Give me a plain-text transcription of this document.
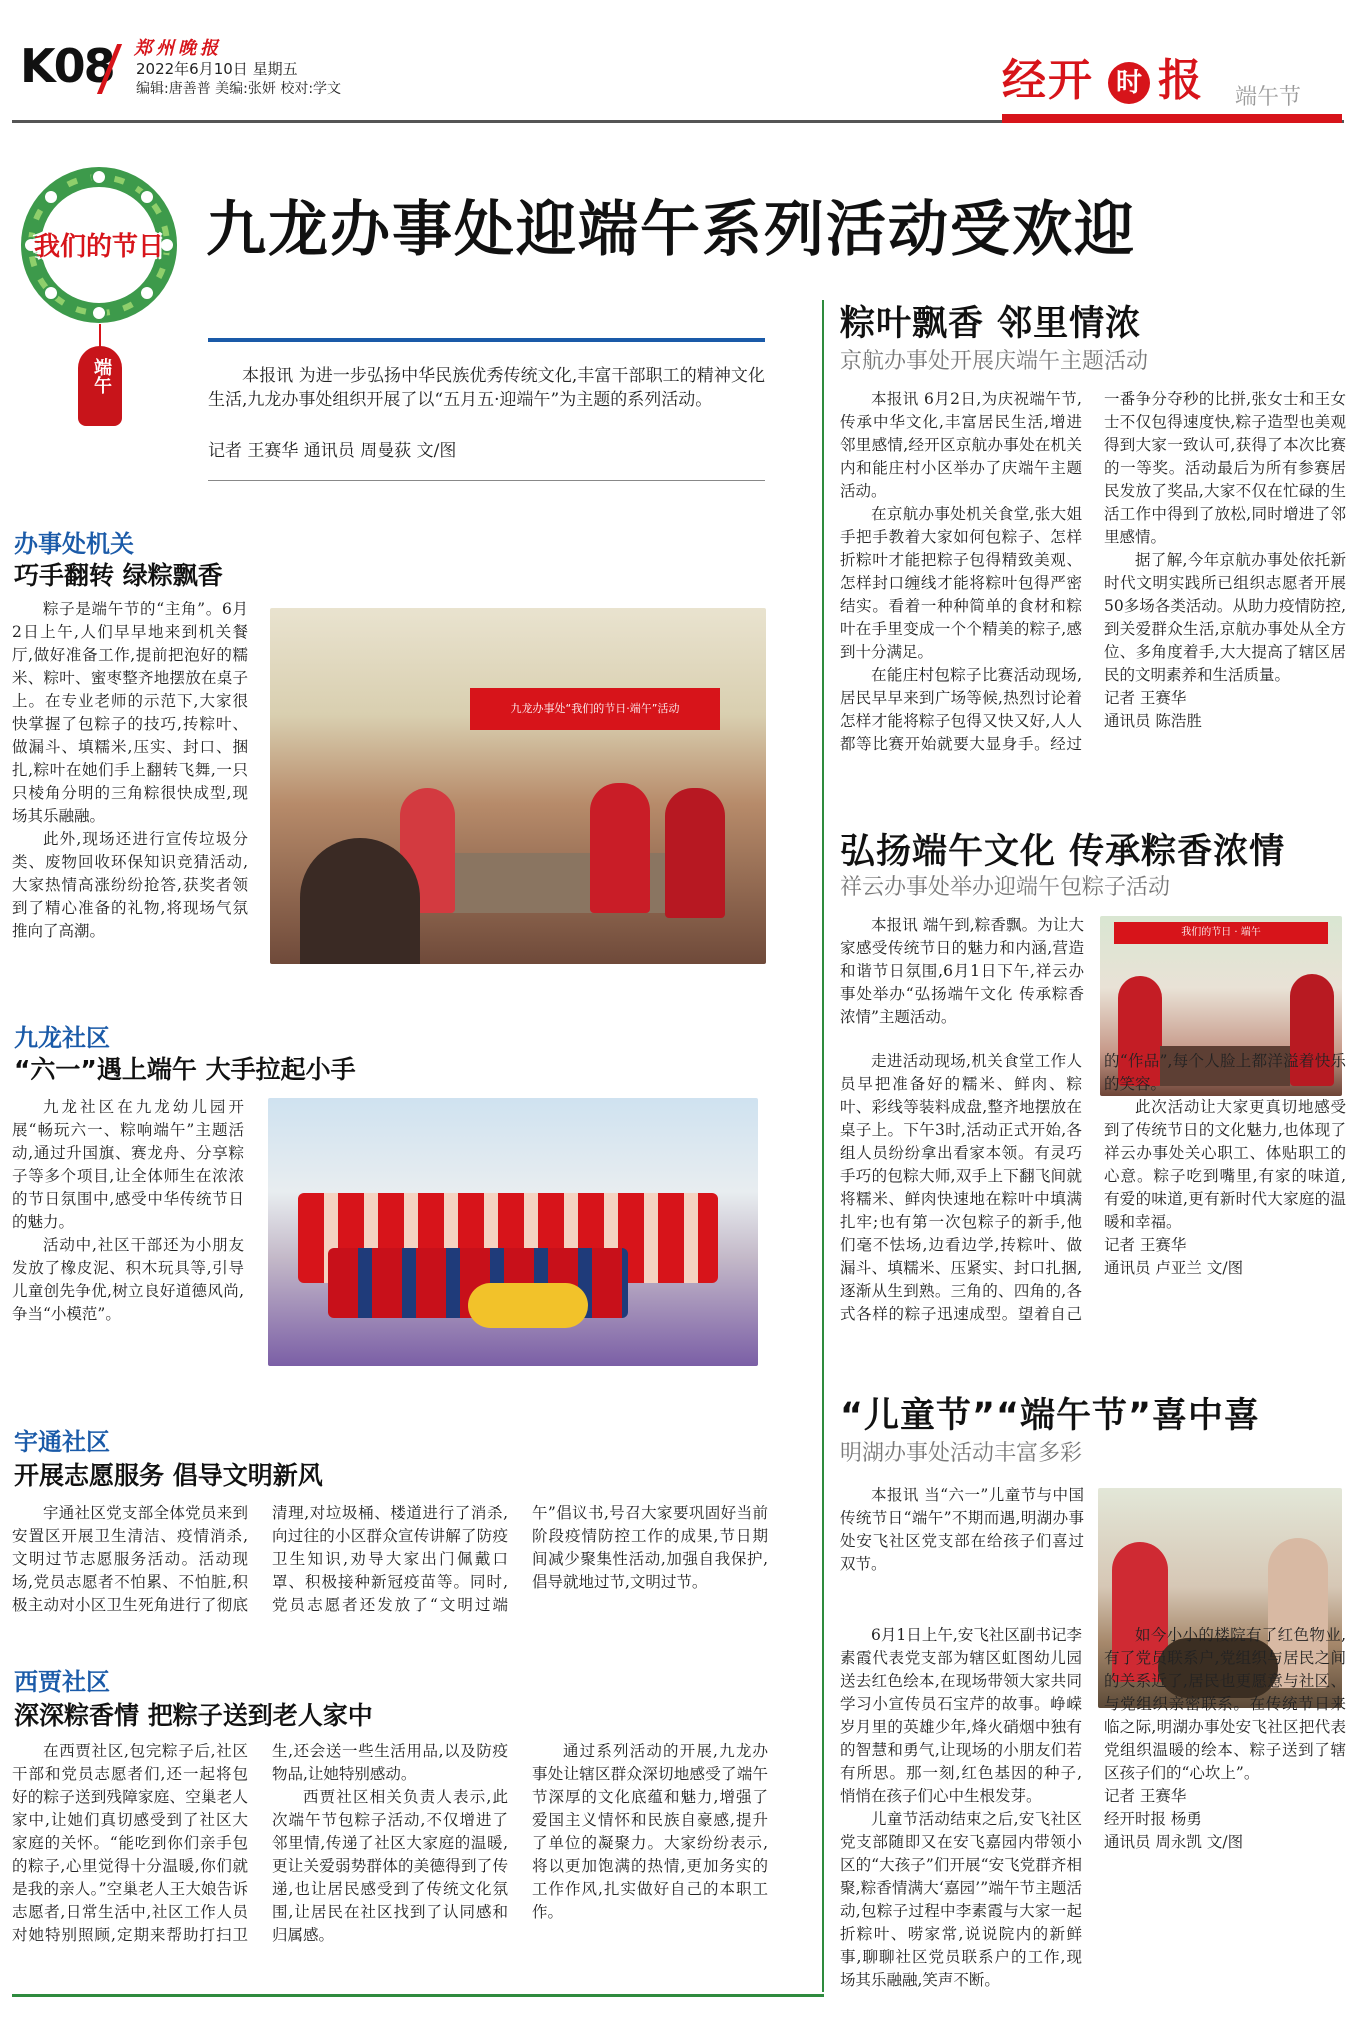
K08 郑州晚报
2022年6月10日 星期五
编辑:唐善普 美编:张妍 校对:学文	经开 时 报 端午节
我们的节日
端午
九龙办事处迎端午系列活动受欢迎
本报讯 为进一步弘扬中华民族优秀传统文化,丰富干部职工的精神文化生活,九龙办事处组织开展了以“五月五·迎端午”为主题的系列活动。
记者 王赛华 通讯员 周曼荻 文/图
办事处机关
巧手翻转 绿粽飘香

粽子是端午节的“主角”。6月2日上午,人们早早地来到机关餐厅,做好准备工作,提前把泡好的糯米、粽叶、蜜枣整齐地摆放在桌子上。在专业老师的示范下,大家很快掌握了包粽子的技巧,抟粽叶、做漏斗、填糯米,压实、封口、捆扎,粽叶在她们手上翻转飞舞,一只只棱角分明的三角粽很快成型,现场其乐融融。

此外,现场还进行宣传垃圾分类、废物回收环保知识竞猜活动,大家热情高涨纷纷抢答,获奖者领到了精心准备的礼物,将现场气氛推向了高潮。

九龙办事处“我们的节日·端午”活动
九龙社区
“六一”遇上端午 大手拉起小手

九龙社区在九龙幼儿园开展“畅玩六一、粽响端午”主题活动,通过升国旗、赛龙舟、分享粽子等多个项目,让全体师生在浓浓的节日氛围中,感受中华传统节日的魅力。

活动中,社区干部还为小朋友发放了橡皮泥、积木玩具等,引导儿童创先争优,树立良好道德风尚,争当“小模范”。

宇通社区
开展志愿服务 倡导文明新风
宇通社区党支部全体党员来到安置区开展卫生清洁、疫情消杀,文明过节志愿服务活动。活动现场,党员志愿者不怕累、不怕脏,积极主动对小区卫生死角进行了彻底清理,对垃圾桶、楼道进行了消杀,向过往的小区群众宣传讲解了防疫卫生知识,劝导大家出门佩戴口罩、积极接种新冠疫苗等。同时,党员志愿者还发放了“文明过端午”倡议书,号召大家要巩固好当前阶段疫情防控工作的成果,节日期间减少聚集性活动,加强自我保护,倡导就地过节,文明过节。
西贾社区
深深粽香情 把粽子送到老人家中

在西贾社区,包完粽子后,社区干部和党员志愿者们,还一起将包好的粽子送到残障家庭、空巢老人家中,让她们真切感受到了社区大家庭的关怀。“能吃到你们亲手包的粽子,心里觉得十分温暖,你们就是我的亲人。”空巢老人王大娘告诉志愿者,日常生活中,社区工作人员对她特别照顾,定期来帮助打扫卫生,还会送一些生活用品,以及防疫物品,让她特别感动。

西贾社区相关负责人表示,此次端午节包粽子活动,不仅增进了邻里情,传递了社区大家庭的温暖,更让关爱弱势群体的美德得到了传递,也让居民感受到了传统文化氛围,让居民在社区找到了认同感和归属感。

通过系列活动的开展,九龙办事处让辖区群众深切地感受了端午节深厚的文化底蕴和魅力,增强了爱国主义情怀和民族自豪感,提升了单位的凝聚力。大家纷纷表示,将以更加饱满的热情,更加务实的工作作风,扎实做好自己的本职工作。

粽叶飘香 邻里情浓
京航办事处开展庆端午主题活动

本报讯 6月2日,为庆祝端午节,传承中华文化,丰富居民生活,增进邻里感情,经开区京航办事处在机关内和能庄村小区举办了庆端午主题活动。

在京航办事处机关食堂,张大姐手把手教着大家如何包粽子、怎样折粽叶才能把粽子包得精致美观、怎样封口缠线才能将粽叶包得严密结实。看着一种种简单的食材和粽叶在手里变成一个个精美的粽子,感到十分满足。

在能庄村包粽子比赛活动现场,居民早早来到广场等候,热烈讨论着怎样才能将粽子包得又快又好,人人都等比赛开始就要大显身手。经过一番争分夺秒的比拼,张女士和王女士不仅包得速度快,粽子造型也美观得到大家一致认可,获得了本次比赛的一等奖。活动最后为所有参赛居民发放了奖品,大家不仅在忙碌的生活工作中得到了放松,同时增进了邻里感情。

据了解,今年京航办事处依托新时代文明实践所已组织志愿者开展50多场各类活动。从助力疫情防控,到关爱群众生活,京航办事处从全方位、多角度着手,大大提高了辖区居民的文明素养和生活质量。

记者 王赛华

通讯员 陈浩胜

弘扬端午文化 传承粽香浓情
祥云办事处举办迎端午包粽子活动
我们的节日 · 端午

本报讯 端午到,粽香飘。为让大家感受传统节日的魅力和内涵,营造和谐节日氛围,6月1日下午,祥云办事处举办“弘扬端午文化 传承粽香浓情”主题活动。

走进活动现场,机关食堂工作人员早把准备好的糯米、鲜肉、粽叶、彩线等装料成盘,整齐地摆放在桌子上。下午3时,活动正式开始,各组人员纷纷拿出看家本领。有灵巧手巧的包粽大师,双手上下翻飞间就将糯米、鲜肉快速地在粽叶中填满扎牢;也有第一次包粽子的新手,他们毫不怯场,边看边学,抟粽叶、做漏斗、填糯米、压紧实、封口扎捆,逐渐从生到熟。三角的、四角的,各式各样的粽子迅速成型。望着自己的“作品”,每个人脸上都洋溢着快乐的笑容。

此次活动让大家更真切地感受到了传统节日的文化魅力,也体现了祥云办事处关心职工、体贴职工的心意。粽子吃到嘴里,有家的味道,有爱的味道,更有新时代大家庭的温暖和幸福。

记者 王赛华

通讯员 卢亚兰 文/图

“儿童节”“端午节”喜中喜
明湖办事处活动丰富多彩

本报讯 当“六一”儿童节与中国传统节日“端午”不期而遇,明湖办事处安飞社区党支部在给孩子们喜过双节。

6月1日上午,安飞社区副书记李素霞代表党支部为辖区虹图幼儿园送去红色绘本,在现场带领大家共同学习小宣传员石宝芹的故事。峥嵘岁月里的英雄少年,烽火硝烟中独有的智慧和勇气,让现场的小朋友们若有所思。那一刻,红色基因的种子,悄悄在孩子们心中生根发芽。

儿童节活动结束之后,安飞社区党支部随即又在安飞嘉园内带领小区的“大孩子”们开展“安飞党群齐相聚,粽香情满大‘嘉园’”端午节主题活动,包粽子过程中李素霞与大家一起折粽叶、唠家常,说说院内的新鲜事,聊聊社区党员联系户的工作,现场其乐融融,笑声不断。

如今小小的楼院有了红色物业,有了党员联系户,党组织与居民之间的关系近了,居民也更愿意与社区、与党组织亲密联系。在传统节日来临之际,明湖办事处安飞社区把代表党组织温暖的绘本、粽子送到了辖区孩子们的“心坎上”。

记者 王赛华

经开时报 杨勇

通讯员 周永凯 文/图
